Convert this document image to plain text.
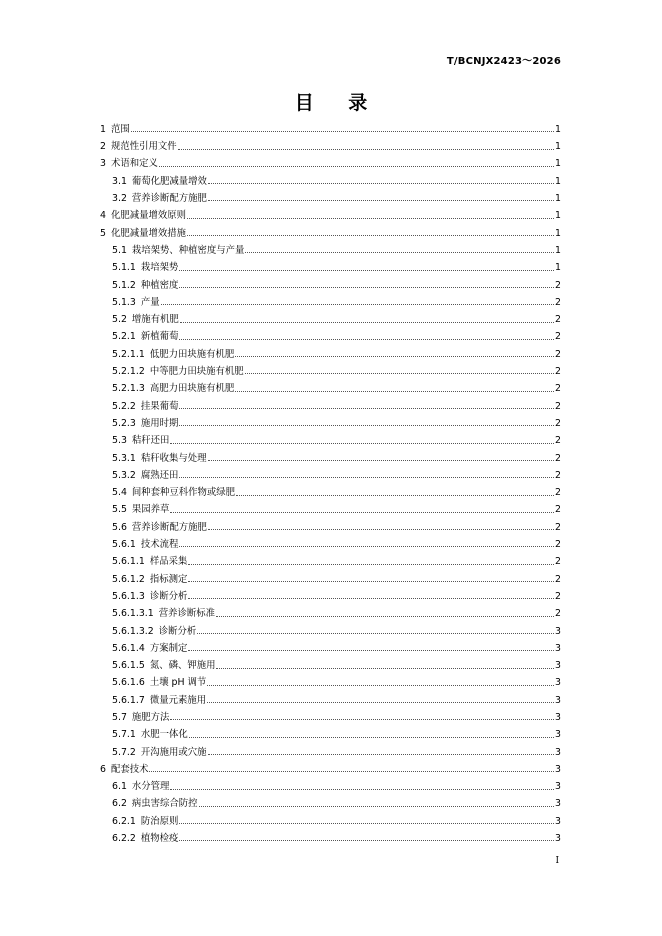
T/BCNJX2423～2026
目 录
1 范围	1
2 规范性引用文件	1
3 术语和定义	1
3.1 葡萄化肥减量增效	1
3.2 营养诊断配方施肥	1
4 化肥减量增效原则	1
5 化肥减量增效措施	1
5.1 栽培架势、种植密度与产量	1
5.1.1 栽培架势	1
5.1.2 种植密度	2
5.1.3 产量	2
5.2 增施有机肥	2
5.2.1 新植葡萄	2
5.2.1.1 低肥力田块施有机肥	2
5.2.1.2 中等肥力田块施有机肥	2
5.2.1.3 高肥力田块施有机肥	2
5.2.2 挂果葡萄	2
5.2.3 施用时期	2
5.3 秸秆还田	2
5.3.1 秸秆收集与处理	2
5.3.2 腐熟还田	2
5.4 间种套种豆科作物或绿肥	2
5.5 果园养草	2
5.6 营养诊断配方施肥	2
5.6.1 技术流程	2
5.6.1.1 样品采集	2
5.6.1.2 指标测定	2
5.6.1.3 诊断分析	2
5.6.1.3.1 营养诊断标准	2
5.6.1.3.2 诊断分析	3
5.6.1.4 方案制定	3
5.6.1.5 氮、磷、钾施用	3
5.6.1.6 土壤 pH 调节	3
5.6.1.7 微量元素施用	3
5.7 施肥方法	3
5.7.1 水肥一体化	3
5.7.2 开沟施用或穴施	3
6 配套技术	3
6.1 水分管理	3
6.2 病虫害综合防控	3
6.2.1 防治原则	3
6.2.2 植物检疫	3
I
